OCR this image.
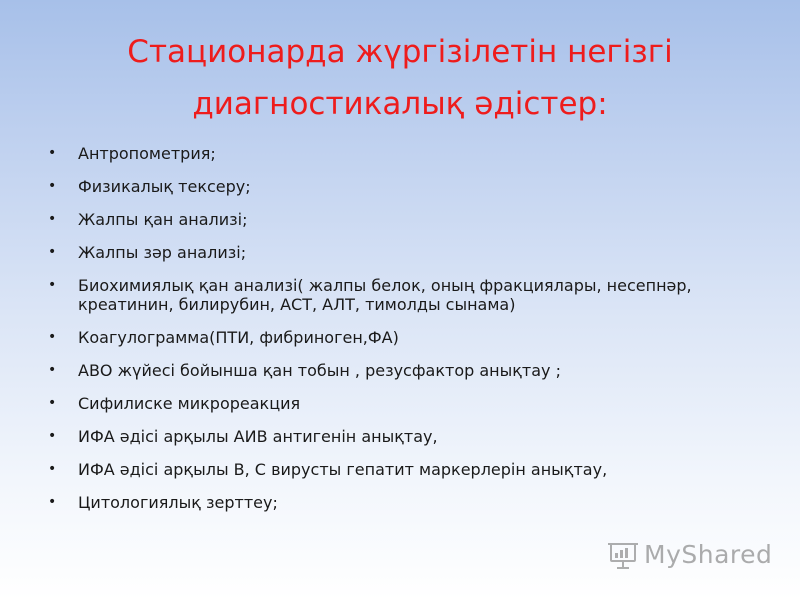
Стационарда жүргізілетін негізгі
диагностикалық әдістер:
• Антропометрия;
• Физикалық тексеру;
• Жалпы қан анализі;
• Жалпы зәр анализі;
• Биохимиялық қан анализі( жалпы белок, оның фракциялары, несепнәр, креатинин, билирубин, АСТ, АЛТ, тимолды сынама)
• Коагулограмма(ПТИ, фибриноген,ФА)
• АВО жүйесі бойынша қан тобын , резусфактор анықтау ;
• Сифилиске микрореакция
• ИФА әдісі арқылы АИВ антигенін анықтау,
• ИФА әдісі арқылы В, С вирусты гепатит маркерлерін анықтау,
• Цитологиялық зерттеу;
MyShared
